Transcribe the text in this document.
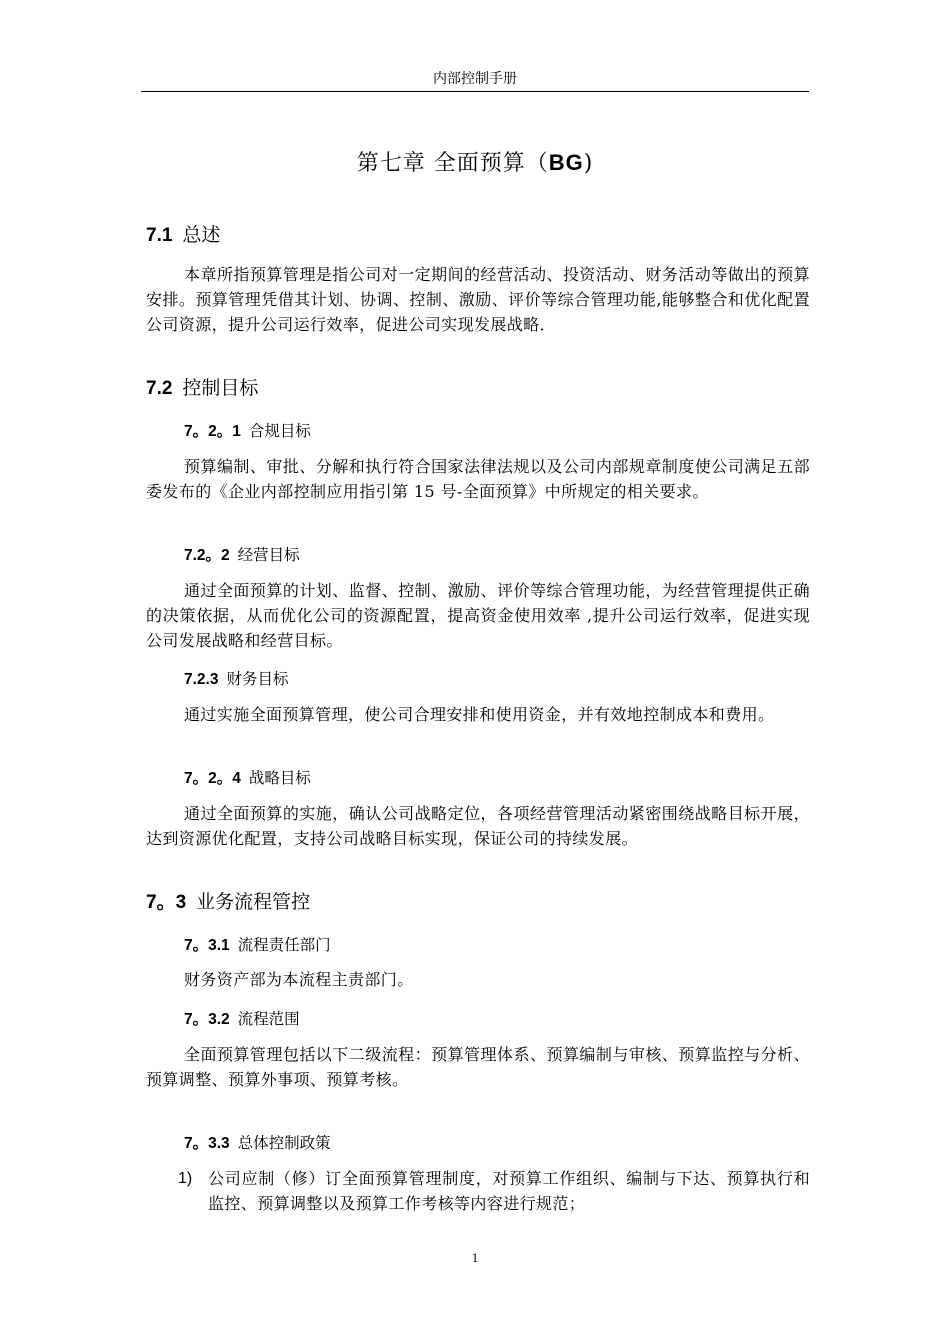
内部控制手册
第七章 全面预算（BG)
7.1 总述
本章所指预算管理是指公司对一定期间的经营活动、投资活动、财务活动等做出的预算安排。预算管理凭借其计划、协调、控制、激励、评价等综合管理功能,能够整合和优化配置公司资源，提升公司运行效率，促进公司实现发展战略．
7.2 控制目标
7。2。1 合规目标
预算编制、审批、分解和执行符合国家法律法规以及公司内部规章制度使公司满足五部委发布的《企业内部控制应用指引第 15 号-全面预算》中所规定的相关要求。
7.2。2 经营目标
通过全面预算的计划、监督、控制、激励、评价等综合管理功能，为经营管理提供正确的决策依据，从而优化公司的资源配置，提高资金使用效率 ,提升公司运行效率，促进实现公司发展战略和经营目标。
7.2.3 财务目标
通过实施全面预算管理，使公司合理安排和使用资金，并有效地控制成本和费用。
7。2。4 战略目标
通过全面预算的实施，确认公司战略定位，各项经营管理活动紧密围绕战略目标开展，达到资源优化配置，支持公司战略目标实现，保证公司的持续发展。
7。3 业务流程管控
7。3.1 流程责任部门
财务资产部为本流程主责部门。
7。3.2 流程范围
全面预算管理包括以下二级流程：预算管理体系、预算编制与审核、预算监控与分析、预算调整、预算外事项、预算考核。
7。3.3 总体控制政策
1) 公司应制（修）订全面预算管理制度，对预算工作组织、编制与下达、预算执行和监控、预算调整以及预算工作考核等内容进行规范；
1
